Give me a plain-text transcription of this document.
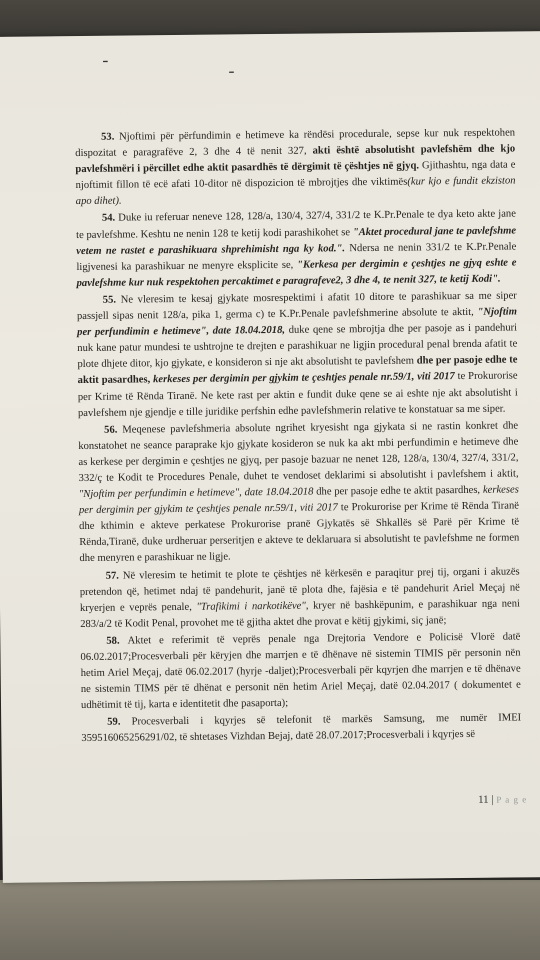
-
-

53. Njoftimi për përfundimin e hetimeve ka rëndësi procedurale, sepse kur nuk respektohen dispozitat e paragrafëve 2, 3 dhe 4 të nenit 327, akti është absolutisht pavlefshëm dhe kjo pavlefshmëri i përcillet edhe aktit pasardhës të dërgimit të çështjes në gjyq. Gjithashtu, nga data e njoftimit fillon të ecë afati 10-ditor në dispozicion të mbrojtjes dhe viktimës(kur kjo e fundit ekziston apo dihet).

54. Duke iu referuar neneve 128, 128/a, 130/4, 327/4, 331/2 te K.Pr.Penale te dya keto akte jane te pavlefshme. Keshtu ne nenin 128 te ketij kodi parashikohet se "Aktet procedural jane te pavlefshme vetem ne rastet e parashikuara shprehimisht nga ky kod.". Ndersa ne nenin 331/2 te K.Pr.Penale ligjvenesi ka parashikuar ne menyre eksplicite se, "Kerkesa per dergimin e çeshtjes ne gjyq eshte e pavlefshme kur nuk respektohen percaktimet e paragrafeve2, 3 dhe 4, te nenit 327, te ketij Kodi".

55. Ne vleresim te kesaj gjykate mosrespektimi i afatit 10 ditore te parashikuar sa me siper passjell sipas nenit 128/a, pika 1, germa c) te K.Pr.Penale pavlefshmerine absolute te aktit, "Njoftim per perfundimin e hetimeve", date 18.04.2018, duke qene se mbrojtja dhe per pasoje as i pandehuri nuk kane patur mundesi te ushtrojne te drejten e parashikuar ne ligjin procedural penal brenda afatit te plote dhjete ditor, kjo gjykate, e konsideron si nje akt absolutisht te pavlefshem dhe per pasoje edhe te aktit pasardhes, kerkeses per dergimin per gjykim te çeshtjes penale nr.59/1, viti 2017 te Prokurorise per Krime të Rënda Tiranë. Ne kete rast per aktin e fundit duke qene se ai eshte nje akt absolutisht i pavlefshem nje gjendje e tille juridike perfshin edhe pavlefshmerin relative te konstatuar sa me siper.

56. Meqenese pavlefshmeria absolute ngrihet kryesisht nga gjykata si ne rastin konkret dhe konstatohet ne seance paraprake kjo gjykate kosideron se nuk ka akt mbi perfundimin e hetimeve dhe as kerkese per dergimin e çeshtjes ne gjyq, per pasoje bazuar ne nenet 128, 128/a, 130/4, 327/4, 331/2, 332/ç te Kodit te Procedures Penale, duhet te vendoset deklarimi si absolutisht i pavlefshem i aktit, "Njoftim per perfundimin e hetimeve", date 18.04.2018 dhe per pasoje edhe te aktit pasardhes, kerkeses per dergimin per gjykim te çeshtjes penale nr.59/1, viti 2017 te Prokurorise per Krime të Rënda Tiranë dhe kthimin e akteve perkatese Prokurorise pranë Gjykatës së Shkallës së Parë për Krime të Rënda,Tiranë, duke urdheruar perseritjen e akteve te deklaruara si absolutisht te pavlefshme ne formen dhe menyren e parashikuar ne ligje.

57. Në vleresim te hetimit te plote te çështjes në kërkesën e paraqitur prej tij, organi i akuzës pretendon që, hetimet ndaj të pandehurit, janë të plota dhe, fajësia e të pandehurit Ariel Meçaj në kryerjen e veprës penale, "Trafikimi i narkotikëve", kryer në bashkëpunim, e parashikuar nga neni 283/a/2 të Kodit Penal, provohet me të gjitha aktet dhe provat e këtij gjykimi, siç janë;

58. Aktet e referimit të veprës penale nga Drejtoria Vendore e Policisë Vlorë datë 06.02.2017;Procesverbali për këryjen dhe marrjen e të dhënave në sistemin TIMIS për personin nën hetim Ariel Meçaj, datë 06.02.2017 (hyrje -daljet);Procesverbali për kqyrjen dhe marrjen e të dhënave ne sistemin TIMS për të dhënat e personit nën hetim Ariel Meçaj, datë 02.04.2017 ( dokumentet e udhëtimit të tij, karta e identitetit dhe pasaporta);

59. Procesverbali i kqyrjes së telefonit të markës Samsung, me numër IMEI 359516065256291/02, të shtetases Vizhdan Bejaj, datë 28.07.2017;Procesverbali i kqyrjes së

11 | P a g e
